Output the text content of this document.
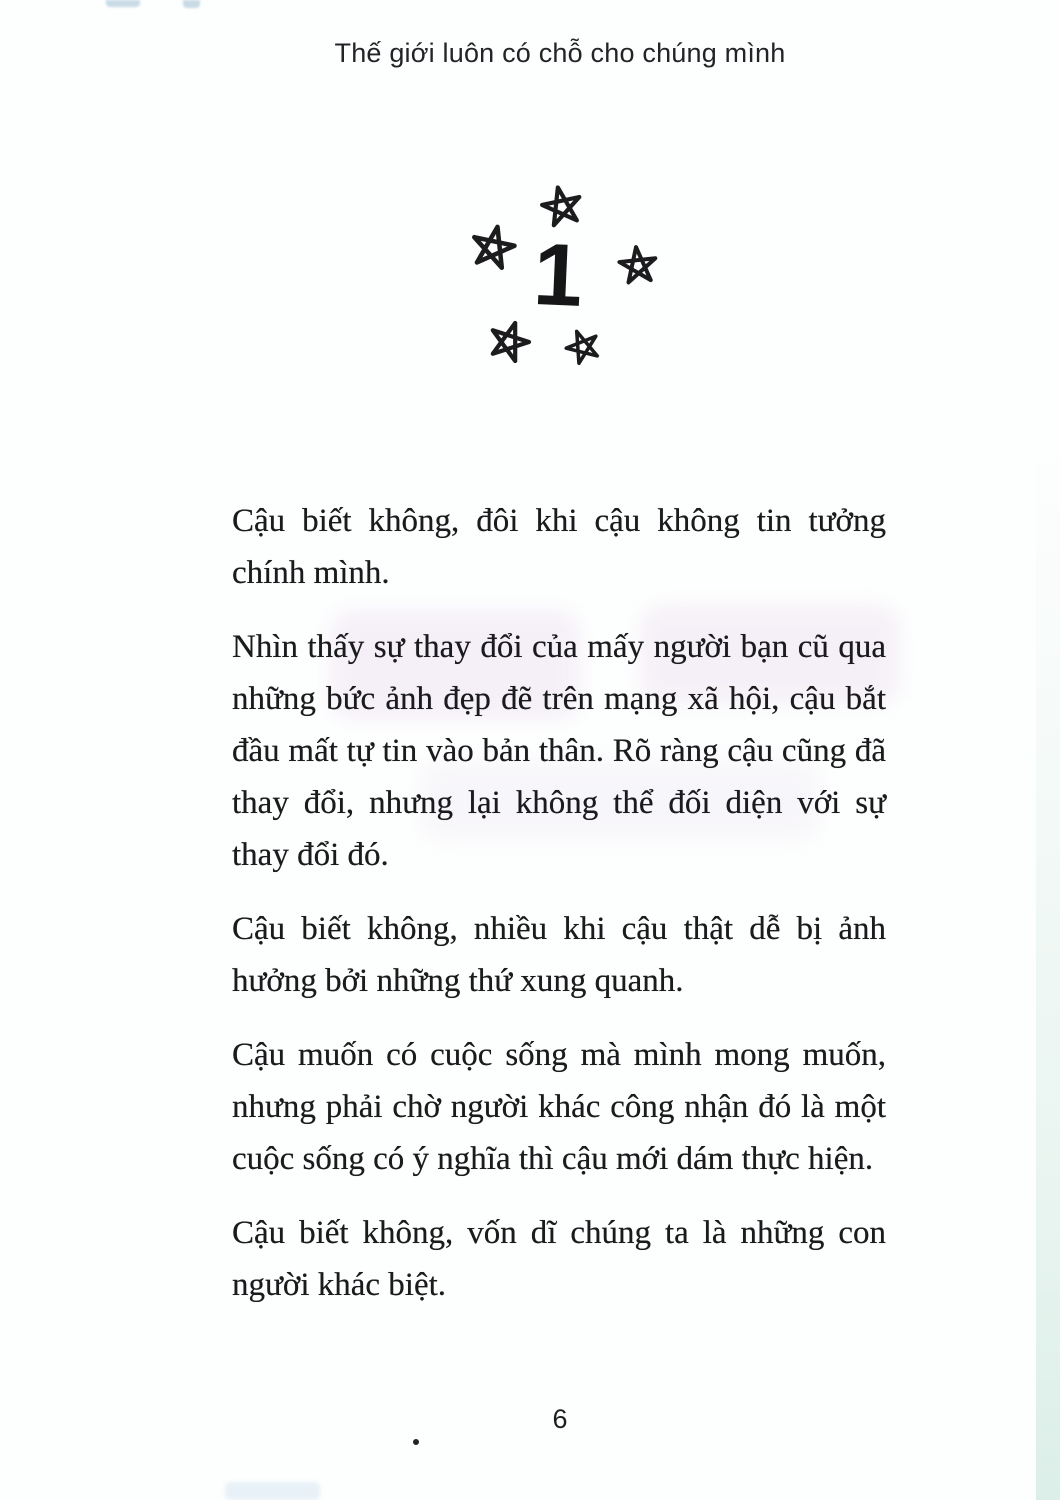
Thế giới luôn có chỗ cho chúng mình
1

Cậu biết không, đôi khi cậu không tin tưởng chính mình.

Nhìn thấy sự thay đổi của mấy người bạn cũ qua những bức ảnh đẹp đẽ trên mạng xã hội, cậu bắt đầu mất tự tin vào bản thân. Rõ ràng cậu cũng đã thay đổi, nhưng lại không thể đối diện với sự thay đổi đó.

Cậu biết không, nhiều khi cậu thật dễ bị ảnh hưởng bởi những thứ xung quanh.

Cậu muốn có cuộc sống mà mình mong muốn, nhưng phải chờ người khác công nhận đó là một cuộc sống có ý nghĩa thì cậu mới dám thực hiện.

Cậu biết không, vốn dĩ chúng ta là những con người khác biệt.

6
